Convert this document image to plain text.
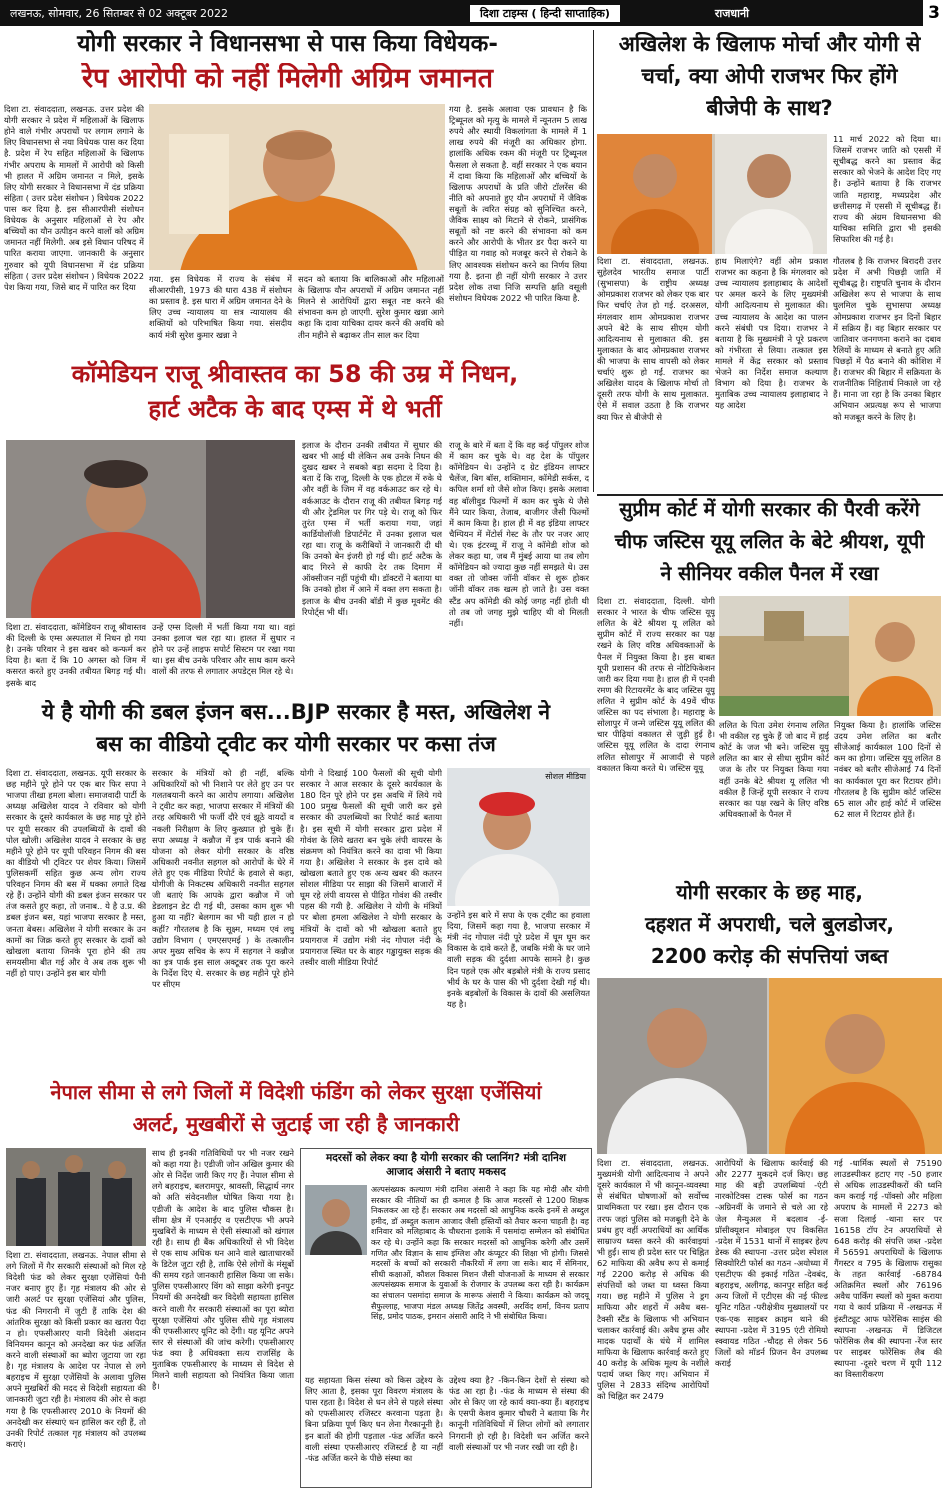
लखनऊ, सोमवार, 26 सितम्बर से 02 अक्टूबर 2022	दिशा टाइम्स ( हिन्दी साप्ताहिक)	राजधानी	3
योगी सरकार ने विधानसभा से पास किया विधेयक-
रेप आरोपी को नहीं मिलेगी अग्रिम जमानत
दिशा टा. संवाददाता, लखनऊ. उत्तर प्रदेश की योगी सरकार ने प्रदेश में महिलाओं के खिलाफ होने वाले गंभीर अपराधों पर लगाम लगाने के लिए विधानसभा से नया विधेयक पास कर दिया है. प्रदेश में रेप सहित महिलाओं के खिलाफ गंभीर अपराध के मामलों में आरोपी को किसी भी हालत में अग्रिम जमानत न मिले, इसके लिए योगी सरकार ने विधानसभा में दंड प्रक्रिया संहिता ( उत्तर प्रदेश संशोधन ) विधेयक 2022 पास कर दिया है. इस सीआरपीसी संशोधन विधेयक के अनुसार महिलाओं से रेप और बच्चियों का यौन उत्पीड़न करने वालों को अग्रिम जमानत नहीं मिलेगी. अब इसे विधान परिषद में पारित कराया जाएगा. जानकारी के अनुसार गुरुवार को यूपी विधानसभा में दंड प्रक्रिया संहिता ( उत्तर प्रदेश संशोधन ) विधेयक 2022 पेश किया गया, जिसे बाद में पारित कर दिया
गया. इस विधेयक में राज्य के संबंध में सीआरपीसी, 1973 की धारा 438 में संशोधन का प्रस्ताव है. इस धारा में अग्रिम जमानत देने के लिए उच्च न्यायालय या सत्र न्यायालय की शक्तियों को परिभाषित किया गया. संसदीय कार्य मंत्री सुरेश कुमार खन्ना ने
सदन को बताया कि बालिकाओं और महिलाओं के खिलाफ यौन अपराधों में अग्रिम जमानत नहीं मिलने से आरोपियों द्वारा सबूत नष्ट करने की संभावना कम हो जाएगी. सुरेश कुमार खन्ना आगे कहा कि दावा याचिका दायर करने की अवधि को तीन महीने से बढ़ाकर तीन साल कर दिया
गया है. इसके अलावा एक प्रावधान है कि ट्रिब्यूनल को मृत्यु के मामले में न्यूनतम 5 लाख रुपये और स्थायी विकलांगता के मामले में 1 लाख रुपये की मंजूरी का अधिकार होगा. हालांकि अधिक रकम की मंजूरी पर ट्रिब्यूनल फैसला ले सकता है. वहीं सरकार ने एक बयान में दावा किया कि महिलाओं और बच्चियों के खिलाफ अपराधों के प्रति जीरो टॉलरेंस की नीति को अपनाते हुए यौन अपराधों में जैविक सबूतों के त्वरित संग्रह को सुनिश्चित करने, जैविक साक्ष्य को मिटाने से रोकने, प्रासंगिक सबूतों को नष्ट करने की संभावना को कम करने और आरोपी के भीतर डर पैदा करने या पीड़ित या गवाह को मजबूर करने से रोकने के लिए आवश्यक संशोधन करने का निर्णय लिया गया है. इतना ही नहीं योगी सरकार ने उत्तर प्रदेश लोक तथा निजि सम्पत्ति क्षति वसूली संशोधन विधेयक 2022 भी पारित किया है.
अखिलेश के खिलाफ मोर्चा और योगी से
चर्चा, क्या ओपी राजभर फिर होंगे
बीजेपी के साथ?
11 मार्च 2022 को दिया था। जिसमें राजभर जाति को एससी में सूचीबद्ध करने का प्रस्ताव केंद्र सरकार को भेजने के आदेश दिए गए हैं। उन्होंने बताया है कि राजभर जाति महाराष्ट्र, मध्यप्रदेश और छत्तीसगढ़ में एससी में सूचीबद्ध हैं। राज्य की अंग्रम विधानसभा की याचिका समिति द्वारा भी इसकी सिफारिश की गई है।
दिशा टा. संवाददाता, लखनऊ. सुहेलदेव भारतीय समाज पार्टी (सुभासपा) के राष्ट्रीय अध्यक्ष ओमप्रकाश राजभर को लेकर एक बार फिर चर्चाएं तेज हो गई. दरअसल, मंगलवार शाम ओमप्रकाश राजभर अपने बेटे के साथ सीएम योगी आदित्यनाथ से मुलाकात की. इस मुलाकात के बाद ओमप्रकाश राजभर की भाजपा के साथ वापसी को लेकर चर्चाएं शुरू हो गईं. राजभर का अखिलेश यादव के खिलाफ मोर्चा तो दूसरी तरफ योगी के साथ मुलाकात. ऐसे में सवाल उठता है कि राजभर क्या फिर से बीजेपी से
हाथ मिलाएंगे? वहीं ओम प्रकाश राजभर का कहना है कि मंगलवार को उच्च न्यायालय इलाहाबाद के आदेशों पर अमल करने के लिए मुख्यमंत्री योगी आदित्यनाथ से मुलाकात की। उच्च न्यायालय के आदेश का पालन करने संबंधी पत्र दिया। राजभर ने बताया है कि मुख्यमंत्री ने पूरे प्रकरण को गंभीरता से लिया। तत्काल इस मामले में केंद्र सरकार को प्रस्ताव भेजने का निर्देश समाज कल्याण विभाग को दिया है। राजभर के मुताबिक उच्च न्यायालय इलाहाबाद ने यह आदेश
गौतलब है कि राजभर बिरादरी उत्तर प्रदेश में अभी पिछड़ी जाति में सूचीबद्ध है। राष्ट्रपति चुनाव के दौरान अखिलेश रूप से भाजपा के साथ घुलमिल चुके सुभासपा अध्यक्ष ओमप्रकाश राजभर इन दिनों बिहार में सक्रिय हैं। वह बिहार सरकार पर जातिवार जनगणना कराने का दबाव रैलियों के माध्यम से बनाते हुए अति पिछड़ों में पैठ बनाने की कोशिश में हैं। राजभर की बिहार में सक्रियता के राजनीतिक निहितार्थ निकाले जा रहे हैं। माना जा रहा है कि उनका बिहार अभियान अप्रत्यक्ष रूप से भाजपा को मजबूत करने के लिए है।
कॉमेडियन राजू श्रीवास्तव का 58 की उम्र में निधन,
हार्ट अटैक के बाद एम्स में थे भर्ती
दिशा टा. संवाददाता, कॉमेडियन राजू श्रीवास्तव की दिल्ली के एम्स अस्पताल में निधन हो गया है। उनके परिवार ने इस खबर को कन्फर्म कर दिया है। बता दें कि 10 अगस्त को जिम में कसरत करते हुए उनकी तबीयत बिगड़ गई थी। इसके बाद
उन्हें एम्स दिल्ली में भर्ती किया गया था। वहां उनका इलाज चल रहा था। हालत में सुधार न होने पर उन्हें लाइफ सपोर्ट सिस्टम पर रखा गया था। इस बीच उनके परिवार और साथ काम करने वालों की तरफ से लगातार अपडेट्स मिल रहे थे।
इलाज के दौरान उनकी तबीयत में सुधार की खबर भी आई थी लेकिन अब उनके निधन की दुखद खबर ने सबको बड़ा सदमा दे दिया है। बता दें कि राजू, दिल्ली के एक होटल में रुके थे और वहीं के जिम में वह वर्कआउट कर रहे थे। वर्कआउट के दौरान राजू की तबीयत बिगड़ गई थी और ट्रेडमिल पर गिर पड़े थे। राजू को फिर तुरंत एम्स में भर्ती कराया गया, जहां कार्डियोलॉजी डिपार्टमेंट में उनका इलाज चल रहा था। राजू के करीबियों ने जानकारी दी थी कि उनको बेन इंजरी हो गई थी। हार्ट अटैक के बाद गिरने से काफी देर तक दिमाग में ऑक्सीजन नहीं पहुंची थी। डॉक्टरों ने बताया था कि उनको होश में आने में वक्त लग सकता है। इलाज के बीच उनकी बॉडी में कुछ मूवमेंट की रिपोर्ट्स भी थीं।
राजू के बारे में बता दें कि वह कई पॉपुलर शोज में काम कर चुके थे। वह देश के पॉपुलर कॉमेडियन थे। उन्होंने द ग्रेट इंडियन लाफ्टर चैलेंज, बिग बॉस, शक्तिमान, कॉमेडी सर्कस, द कपिल शर्मा शो जैसे शोज किए। इसके अलावा वह बॉलीवुड फिल्मों में काम कर चुके थे जैसे मैंने प्यार किया, तेजाब, बाजीगर जैसी फिल्मों में काम किया है। हाल ही में वह इंडिया लाफ्टर चैम्पियन में मेंटोर्स गेस्ट के तौर पर नजर आए थे। एक इंटरव्यू में राजू ने कॉमेडी शोज को लेकर कहा था, जब मैं मुंबई आया था तब लोग कॉमेडियन को ज्यादा कुछ नहीं समझते थे। उस वक्त तो जोक्स जॉनी वॉकर से शुरू होकर जॉनी वॉकर तक खत्म हो जाते है। उस वक्त स्टैंड अप कॉमेडी की कोई जगह नहीं होती थी तो तब जो जगह मुझे चाहिए थी वो मिलती नहीं।
सुप्रीम कोर्ट में योगी सरकार की पैरवी करेंगे
चीफ जस्टिस यूयू ललित के बेटे श्रीयश, यूपी
ने सीनियर वकील पैनल में रखा
दिशा टा. संवाददाता, दिल्ली. योगी सरकार ने भारत के चीफ जस्टिस यूयू ललित के बेटे श्रीयश यू ललित को सुप्रीम कोर्ट में राज्य सरकार का पक्ष रखने के लिए वरिष्ठ अधिवक्ताओं के पैनल में नियुक्त किया है। इस बाबत यूपी प्रशासन की तरफ से नोटिफिकेशन जारी कर दिया गया है। हाल ही में एनवी रमण की रिटायरमेंट के बाद जस्टिस यूयू ललित ने सुप्रीम कोर्ट के 49वें चीफ जस्टिस का पद संभाला है। महाराष्ट्र के सोलापुर में जन्मे जस्टिस यूयू ललित की चार पीढ़ियां वकालत से जुड़ी हुई है। जस्टिस यूयू ललित के दादा रंगनाथ ललित सोलापुर में आजादी से पहले वकालत किया करते थे। जस्टिस यूयू
ललित के पिता उमेश रंगनाथ ललित भी वकील रह चुके हैं जो बाद में हाई कोर्ट के जज भी बने। जस्टिस यूयू ललित का बार से सीधा सुप्रीम कोर्ट जज के तौर पर नियुक्त किया गया वहीं उनके बेटे श्रीयश यू ललित भी वकील हैं जिन्हें यूपी सरकार ने राज्य सरकार का पक्ष रखने के लिए वरिष्ठ अधिवक्ताओं के पैनल में
नियुक्त किया है। हालांकि जस्टिस उदय उमेश ललित का बतौर सीजेआई कार्यकाल 100 दिनों से कम का होगा। जस्टिस यूयू ललित 8 नवंबर को बतौर सीजेआई 74 दिनों का कार्यकाल पूरा कर रिटायर होंगे। गौरतलब है कि सुप्रीम कोर्ट जस्टिस 65 साल और हाई कोर्ट में जस्टिस 62 साल में रिटायर होते हैं।
ये है योगी की डबल इंजन बस...BJP सरकार है मस्त, अखिलेश ने
बस का वीडियो ट्वीट कर योगी सरकार पर कसा तंज
दिशा टा. संवाददाता, लखनऊ. यूपी सरकार के छह महीने पूरे होने पर एक बार फिर सपा ने भाजपा तीखा हमला बोला। समाजवादी पार्टी के अध्यक्ष अखिलेश यादव ने रविवार को योगी सरकार के दूसरे कार्यकाल के छह माह पूरे होने पर यूपी सरकार की उपलब्धियों के दावों की पोल खोली। अखिलेश यादव ने सरकार के छह महीने पूरे होने पर यूपी परिवहन निगम की बस का वीडियो भी ट्विटर पर शेयर किया। जिसमें पुलिसकर्मी सहित कुछ अन्य लोग राज्य परिवहन निगम की बस में धक्का लगाते दिख रहे हैं। उन्होंने योगी की डबल इंजन सरकार पर तंज कसते हुए कहा, तो जनाब.. ये है उ.प्र. की डबल इंजन बस, यहां भाजपा सरकार है मस्त, जनता बेबस। अखिलेश ने योगी सरकार के उन कामों का जिक्र करते हुए सरकार के दावों को खोखला बताया जिनके पूरा होने की तय समयसीमा बीत गई और वे अब तक शुरू भी नहीं हो पाए। उन्होंने इस बार योगी
सरकार के मंत्रियों को ही नहीं, बल्कि अधिकारियों को भी निशाने पर लेते हुए उन पर गलतबयानी करने का आरोप लगाया। अखिलेश ने ट्वीट कर कहा, भाजपा सरकार में मंत्रियों की तरह अधिकारी भी फर्जी दौरे एवं झूठे वायदों व नकली निरीक्षण के लिए कुख्यात हो चुके हैं। सपा अध्यक्ष ने कन्नौज में इत्र पार्क बनाने की योजना को लेकर योगी सरकार के वरिष्ठ अधिकारी नवनीत सहगल को आरोपों के घेरे में लेते हुए एक मीडिया रिपोर्ट के हवाले से कहा, योगीजी के निकटस्थ अधिकारी नवनीत सहगल जी बताएं कि आपके द्वारा कन्नौज में जो डेडलाइन डेट दी गई थी, उसका काम शुरू भी हुआ या नहीं? बेलगाम का भी यही हाल न हो कहीं? गौरतलब है कि सूक्ष्म, मध्यम एवं लघु उद्योग विभाग ( एमएसएमई ) के तत्कालीन अपर मुख्य सचिव के रूप में सहगल ने कन्नौज का इत्र पार्क इस साल अक्टूबर तक पूरा करने के निर्देश दिए थे. सरकार के छह महीने पूरे होने पर सीएम
योगी ने दिखाई 100 फैसलों की सूची योगी सरकार ने आज सरकार के दूसरे कार्यकाल के 180 दिन पूरे होने पर इस अवधि में लिये गये 100 प्रमुख फैसलों की सूची जारी कर इसे सरकार की उपलब्धियों का रिपोर्ट कार्ड बताया है। इस सूची में योगी सरकार द्वारा प्रदेश में गोवंश के लिये खतरा बन चुके लंपी वायरस के संक्रमण को नियंत्रित करने का दावा भी किया गया है। अखिलेश ने सरकार के इस दावे को खोखला बताते हुए एक अन्य खबर की कतरन सोशल मीडिया पर साझा की जिसमें बाजारों में घूम रहे लंपी वायरस से पीड़ित गोवंश की तस्वीर पहस की गयी है. अखिलेश ने योगी के मंत्रियों पर बोला हमला अखिलेश ने योगी सरकार के मंत्रियों के दावों को भी खोखला बताते हुए प्रयागराज में उद्योग मंत्री नंद गोपाल नंदी के प्रयागराज स्थित घर के बाहर गड्ढायुक्त सड़क की तस्वीर वाली मीडिया रिपोर्ट
सोशल मीडिया
उन्होंने इस बारे में सपा के एक ट्वीट का हवाला दिया, जिसमें कहा गया है, भाजपा सरकार में मंत्री नंद गोपाल नंदी पूरे प्रदेश में घूम घूम कर विकास के दावे करते हैं, जबकि मंत्री के घर जाने वाली सड़क की दुर्दशा आपके सामने है। कुछ दिन पहले एक और बड़बोले मंत्री के राज्य प्रसाद भीर्य के घर के पास की भी दुर्दशा देखी गई थी। इनके बड़बोलों के विकास के दावों की असलियत यह है।
योगी सरकार के छह माह,
दहशत में अपराधी, चले बुलडोजर,
2200 करोड़ की संपत्तियां जब्त
दिशा टा. संवाददाता, लखनऊ. मुख्यमंत्री योगी आदित्यनाथ ने अपने दूसरे कार्यकाल में भी कानून-व्यवस्था से संबंधित घोषणाओं को सर्वोच्च प्राथमिकता पर रखा। इस दौरान एक तरफ जहां पुलिस को मजबूती देने के प्रबंध हुए वहीं अपराधियों का आर्थिक साम्राज्य ध्वस्त करने की कार्रवाइयां भी हुईं। साथ ही प्रदेश स्तर पर चिह्नित 62 माफिया की अवैध रूप से कमाई गई 2200 करोड़ से अधिक की संपत्तियों को जब्त या ध्वस्त किया गया। छह महीने में पुलिस ने ड्रग माफिया और शहरों में अवैध बस-टैक्सी स्टैंड के खिलाफ भी अभियान चलाकर कार्रवाई की। अवैध ड्रग्स और मादक पदार्थों के धंधे में शामिल माफिया के खिलाफ कार्रवाई करते हुए 40 करोड़ के अधिक मूल्य के नशीले पदार्थ जब्त किए गए। अभियान में पुलिस ने 2833 संदिग्ध आरोपियों को चिह्नित कर 2479
आरोपियों के खिलाफ कार्रवाई की और 2277 मुकदमे दर्ज किए। छह माह की बड़ी उपलब्धियां -एंटी नारकोटिक्स टास्क फोर्स का गठन -अग्रिनवीं के जमाने से चले आ रहे जेल मैन्युअल में बदलाव -ई-प्रॉसीक्यूशन मोबाइल एप विकसित -प्रदेश में 1531 थानों में साइबर हेल्प डेस्क की स्थापना -उत्तर प्रदेश स्पेशल सिक्योरिटी फोर्स का गठन -अयोध्या में एसटीएफ की इकाई गठित -देवबंद, बहराइच, अलीगढ़, कानपुर सहित कई अन्य जिलों में एटीएस की नई फील्ड यूनिट गठित -परीक्षेत्रीय मुख्यालयों पर एक-एक साइबर क्राइम थाने की स्थापना -प्रदेश में 3195 एंटी रोमियो स्क्वायड गठित -चौदह से लेकर 56 जिलों को मॉडर्न प्रिजन वैन उपलब्ध कराई
गई -धार्मिक स्थलों से 75190 लाउडस्पीकर हटाए गए -50 हजार से अधिक लाउडस्पीकरों की ध्वनि कम कराई गई -पॉक्सो और महिला अपराध के मामलों में 2273 को सजा दिलाई -थाना स्तर पर 16158 टॉप टेन अपराधियों से 648 करोड़ की संपत्ति जब्त -प्रदेश में 56591 अपराधियों के खिलाफ गैंगस्टर व 795 के खिलाफ रासुका के तहत कार्रवाई -68784 अतिक्रमित स्थलों और 76196 अवैध पार्किंग स्थलों को मुक्त कराया गया ये कार्य प्रक्रिया में -लखनऊ में इंस्टीट्यूट आफ फोरेंसिक साइंस की स्थापना -लखनऊ में डिजिटल फोरेंसिक लैब की स्थापना -रेंज स्तर पर साइबर फोरेंसिक लैब की स्थापना -दूसरे चरण में यूपी 112 का विस्तारीकरण
नेपाल सीमा से लगे जिलों में विदेशी फंडिंग को लेकर सुरक्षा एजेंसियां
अलर्ट, मुखबीरों से जुटाई जा रही है जानकारी
दिशा टा. संवाददाता, लखनऊ. नेपाल सीमा से लगे जिलों में गैर सरकारी संस्थाओं को मिल रहे विदेशी फंड को लेकर सुरक्षा एजेंसियां पैनी नजर बनाए हुए हैं। गृह मंत्रालय की ओर से जारी अलर्ट पर सुरक्षा एजेंसियां और पुलिस, फंड की निगरानी में जुटी हैं ताकि देश की आंतरिक सुरक्षा को किसी प्रकार का खतरा पैदा न हो। एफसीआरए यानी विदेशी अंशदान विनियमन कानून को अनदेखा कर फंड अर्जित करने वाली संस्थाओं का ब्योरा जुटाया जा रहा है। गृह मंत्रालय के आदेश पर नेपाल से लगे बहराइच में सुरक्षा एजेंसियों के अलावा पुलिस अपने मुखबिरों की मदद से विदेशी सहायता की जानकारी जुटा रही है। मंत्रालय की ओर से कहा गया है कि एफसीआरए 2010 के नियमों की अनदेखी कर संस्थाएं धन हासिल कर रही हैं, तो उनकी रिपोर्ट तत्काल गृह मंत्रालय को उपलब्ध कराएं।
साथ ही इनकी गतिविधियों पर भी नजर रखने को कहा गया है। एडीजी जोन अखिल कुमार की ओर से निर्देश जारी किए गए हैं। नेपाल सीमा से लगे बहराइच, बलरामपुर, श्रावस्ती, सिद्धार्थ नगर को अति संवेदनशील घोषित किया गया है। एडीजी के आदेश के बाद पुलिस चौकस है। सीमा क्षेत्र में एनआईए व एसटीएफ भी अपने मुखबिरों के माध्यम से ऐसी संस्थाओं को खंगाल रही है। साथ ही बैंक अधिकारियों से भी विदेश से एक साथ अधिक धन आने वाले खाताधारकों के डिटेल जुटा रही है, ताकि ऐसे लोगों के मंसूबों की समय रहते जानकारी हासिल किया जा सके। पुलिस एफसीआरए विंग को साझा करेगी इनपुट नियमों की अनदेखी कर विदेशी सहायता हासिल करने वाली गैर सरकारी संस्थाओं का पूरा ब्योरा सुरक्षा एजेंसियां और पुलिस सीधे गृह मंत्रालय की एफसीआरए यूनिट को देंगी। यह यूनिट अपने स्तर से संस्थाओं की जांच करेगी। एफसीआरए फंड क्या है अधिवक्ता सत्य राजसिंह के मुताबिक एफसीआरए के माध्यम से विदेश से मिलने वाली सहायता को नियंत्रित किया जाता है।
मदरसों को लेकर क्या है योगी सरकार की प्लानिंग? मंत्री दानिश
आजाद अंसारी ने बताए मकसद
अल्पसंख्यक कल्याण मंत्री दानिश अंसारी ने कहा कि यह मोदी और योगी सरकार की नीतियों का ही कमाल है कि आज मदरसों से 1200 शिक्षक निकलकर आ रहे हैं। सरकार अब मदरसों को आधुनिक करके इनमें से अब्दुल हमीद, डॉ अब्दुल कलाम आजाद जैसी हस्तियों को तैयार करना चाहती है। वह शनिवार को मलिहाबाद के चौधराना इलाके में पसमांदा सम्मेलन को संबोधित कर रहे थे। उन्होंने कहा कि सरकार मदरसों को आधुनिक करेगी और उसमें गणित और विज्ञान के साथ इंग्लिश और कंप्यूटर की शिक्षा भी होगी। जिससे मदरसों के बच्चों को सरकारी नौकरियों में लगा जा सके। बाद में सेमिनार, सीधी कक्षाओं, कौशल विकास मिशन जैसी योजनाओं के माध्यम से सरकार अल्पसंख्यक समाज के युवाओं के रोजगार के उपलब्ध करा रही है। कार्यक्रम का संचालन पसमांदा समाज के मारूफ अंसारी ने किया। कार्यक्रम को जदयू सैफुल्लाह, भाजपा मंडल अध्यक्ष जितेंद्र अवस्थी, अरविंद शर्मा, विनय प्रताप सिंह, प्रमोद पाठक, इमरान अंसारी आदि ने भी संबोधित किया।
यह सहायता किस संस्था को किस उद्देश्य के लिए आता है, इसका पूरा विवरण मंत्रालय के पास रहता है। विदेश से धन लेने से पहले संस्था को एफसीआरए रजिस्टर करवाना पड़ता है। बिना प्रक्रिया पूर्ण किए धन लेना गैरकानूनी है। इन बातों की होगी पड़ताल -फंड अर्जित करने वाली संस्था एफसीआरए रजिस्टर्ड है या नहीं -फंड अर्जित करने के पीछे संस्था का
उद्देश्य क्या है? -किन-किन देशों से संस्था को फंड आ रहा है। -फंड के माध्यम से संस्था की ओर से किए जा रहे कार्य क्या-क्या हैं। बहराइच के एसपी केशव कुमार चौधरी ने बताया कि गैर कानूनी गतिविधियों में लिप्त लोगों को लगातार निगरानी हो रही है। विदेशी धन अर्जित करने वाली संस्थाओं पर भी नजर रखी जा रही है।
